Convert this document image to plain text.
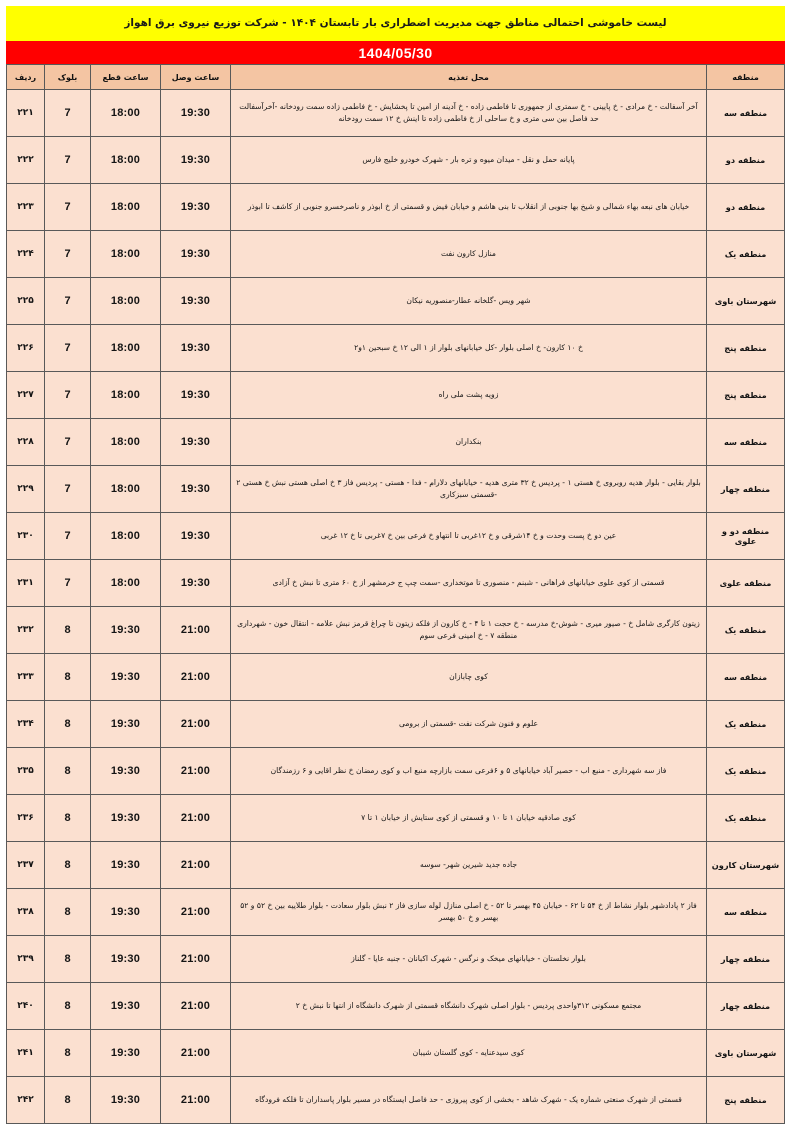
لیست خاموشی احتمالی مناطق جهت مدیریت اضطراری بار تابستان ۱۴۰۴ - شرکت توزیع نیروی برق اهواز
1404/05/30
منطقه	محل تغذیه	ساعت وصل	ساعت قطع	بلوک	ردیف
منطقه سه	آخر آسفالت - خ مرادی - خ پایینی - خ سمتری از جمهوری تا فاطمی زاده - خ آدینه از امین تا پخشایش - خ فاطمی زاده سمت رودخانه -آخرآسفالت حد فاصل بین سی متری و خ ساحلی از خ فاطمی زاده تا اینش خ ۱۲ سمت رودخانه	19:30	18:00	7	۲۲۱
منطقه دو	پایانه حمل و نقل - میدان میوه و تره بار - شهرک خودرو خلیج فارس	19:30	18:00	7	۲۲۲
منطقه دو	خیابان های نبعه بهاء شمالی و شیخ بها جنوبی از انقلاب تا بنی هاشم و خیابان فیض و قسمتی از خ ابوذر و ناصرخسرو جنوبی از کاشف تا ابوذر	19:30	18:00	7	۲۲۳
منطقه یک	منازل کارون نفت	19:30	18:00	7	۲۲۴
شهرستان باوی	شهر ویس -گلخانه عطار-منصوریه نیکان	19:30	18:00	7	۲۲۵
منطقه پنج	خ ۱۰ کارون- خ اصلی بلوار -کل خیابانهای بلوار از ۱ الی ۱۲ خ سبحین ۱و۲	19:30	18:00	7	۲۲۶
منطقه پنج	زویه پشت ملی راه	19:30	18:00	7	۲۲۷
منطقه سه	بنکداران	19:30	18:00	7	۲۲۸
منطقه چهار	بلوار بقایی - بلوار هدیه روبروی خ هستی ۱ - پردیس خ ۳۲ متری هدیه - خیابانهای دلارام - فدا - هستی - پردیس فاز ۳ خ اصلی هستی نبش خ هستی ۲ -قسمتی سبزکاری	19:30	18:00	7	۲۲۹
منطقه دو و علوی	عین دو خ پست وحدت و خ ۱۴شرقی و خ ۱۲غربی تا انتهاو خ فرعی بین خ ۷غربی تا خ ۱۲ غربی	19:30	18:00	7	۲۳۰
منطقه علوی	قسمتی از کوی علوی خیابانهای فراهانی - شبنم - منصوری تا موتخداری -سمت چپ ج خرمشهر از خ ۶۰ متری تا نبش خ آزادی	19:30	18:00	7	۲۳۱
منطقه یک	زیتون کارگری شامل خ - صیور میری - شوش-خ مدرسه - خ حجت ۱ تا ۴ - خ کارون از فلکه زیتون تا چراغ قرمز نبش علامه - انتقال خون - شهرداری منطقه ۷ - خ امینی فرعی سوم	21:00	19:30	8	۲۳۲
منطقه سه	کوی چابازان	21:00	19:30	8	۲۳۳
منطقه یک	علوم و فنون شرکت نفت -قسمتی از برومی	21:00	19:30	8	۲۳۴
منطقه یک	فاز سه شهرداری - منبع اب - حصیر آباد خیابانهای ۵ و ۶فرعی سمت بازارچه منبع اب و کوی رمضان خ نظر اقایی و ۶ رزمندگان	21:00	19:30	8	۲۳۵
منطقه یک	کوی صادقیه خیابان ۱ تا ۱۰ و قسمتی از کوی ستایش از خیابان ۱ تا ۷	21:00	19:30	8	۲۳۶
شهرستان کارون	جاده جدید شیرین شهر- سوسه	21:00	19:30	8	۲۳۷
منطقه سه	فاز ۲ پادادشهر بلوار نشاط از خ ۵۴ تا ۶۲ - خیابان ۴۵ بهسر تا ۵۲ - خ اصلی منازل لوله سازی فاز ۲ نبش بلوار سعادت - بلوار طلاییه بین خ ۵۲ و ۵۲ بهسر و خ ۵۰ بهسر	21:00	19:30	8	۲۳۸
منطقه چهار	بلوار نخلستان - خیابانهای میخک و نرگس - شهرک اکبانان - جنبه عایا - گلناز	21:00	19:30	8	۲۳۹
منطقه چهار	مجتمع مسکونی ۳۱۲واحدی پردیس - بلوار اصلی شهرک دانشگاه قسمتی از شهرک دانشگاه از انتها تا نبش خ ۲	21:00	19:30	8	۲۴۰
شهرستان باوی	کوی سیدعنایه - کوی گلستان شیبان	21:00	19:30	8	۲۴۱
منطقه پنج	قسمتی از شهرک صنعتی شماره یک - شهرک شاهد - بخشی از کوی پیروزی - حد فاصل ایستگاه در مسیر بلوار پاسداران تا فلکه فرودگاه	21:00	19:30	8	۲۴۲
